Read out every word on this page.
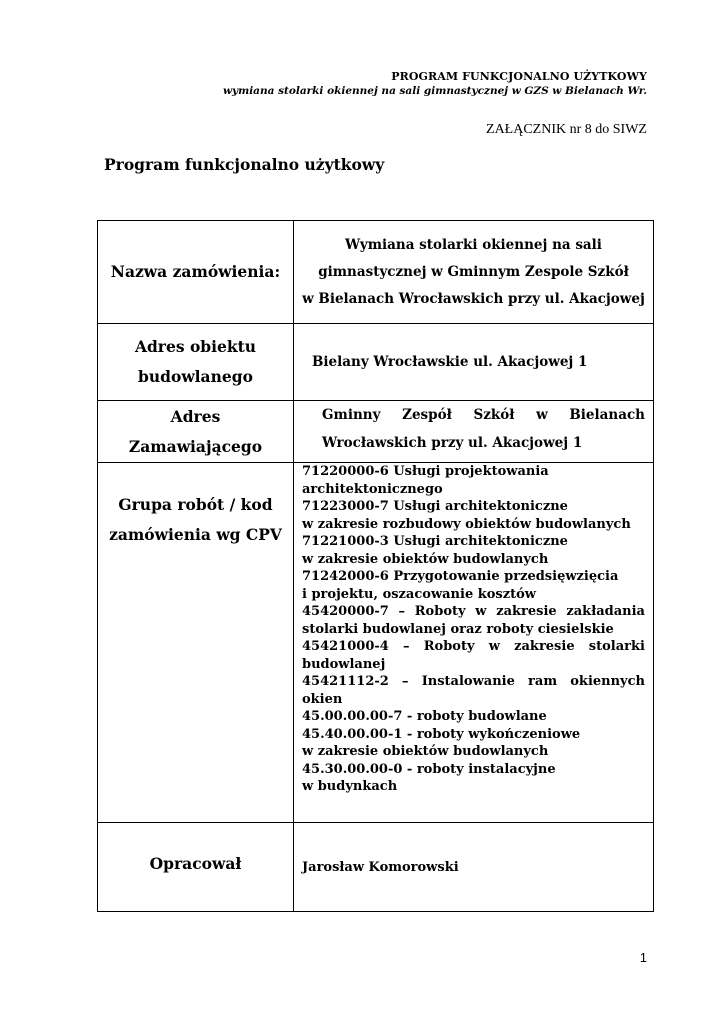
PROGRAM FUNKCJONALNO UŻYTKOWY
wymiana stolarki okiennej na sali gimnastycznej w GZS w Bielanach Wr.
ZAŁĄCZNIK nr 8 do SIWZ
Program funkcjonalno użytkowy
Nazwa zamówienia:
Wymiana stolarki okiennej na sali
gimnastycznej w Gminnym Zespole Szkół
w Bielanach Wrocławskich przy ul. Akacjowej
Adres obiektu
budowlanego
Bielany Wrocławskie ul. Akacjowej 1
Adres
Zamawiającego
Gminny Zespół Szkół w Bielanach
Wrocławskich przy ul. Akacjowej 1
Grupa robót / kod
zamówienia wg CPV
71220000-6 Usługi projektowania
architektonicznego
71223000-7 Usługi architektoniczne
w zakresie rozbudowy obiektów budowlanych
71221000-3 Usługi architektoniczne
w zakresie obiektów budowlanych
71242000-6 Przygotowanie przedsięwzięcia
i projektu, oszacowanie kosztów
45420000-7 – Roboty w zakresie zakładania
stolarki budowlanej oraz roboty ciesielskie
45421000-4 – Roboty w zakresie stolarki
budowlanej
45421112-2 – Instalowanie ram okiennych
okien
45.00.00.00-7 - roboty budowlane
45.40.00.00-1 - roboty wykończeniowe
w zakresie obiektów budowlanych
45.30.00.00-0 - roboty instalacyjne
w budynkach
Opracował	Jarosław Komorowski
1
